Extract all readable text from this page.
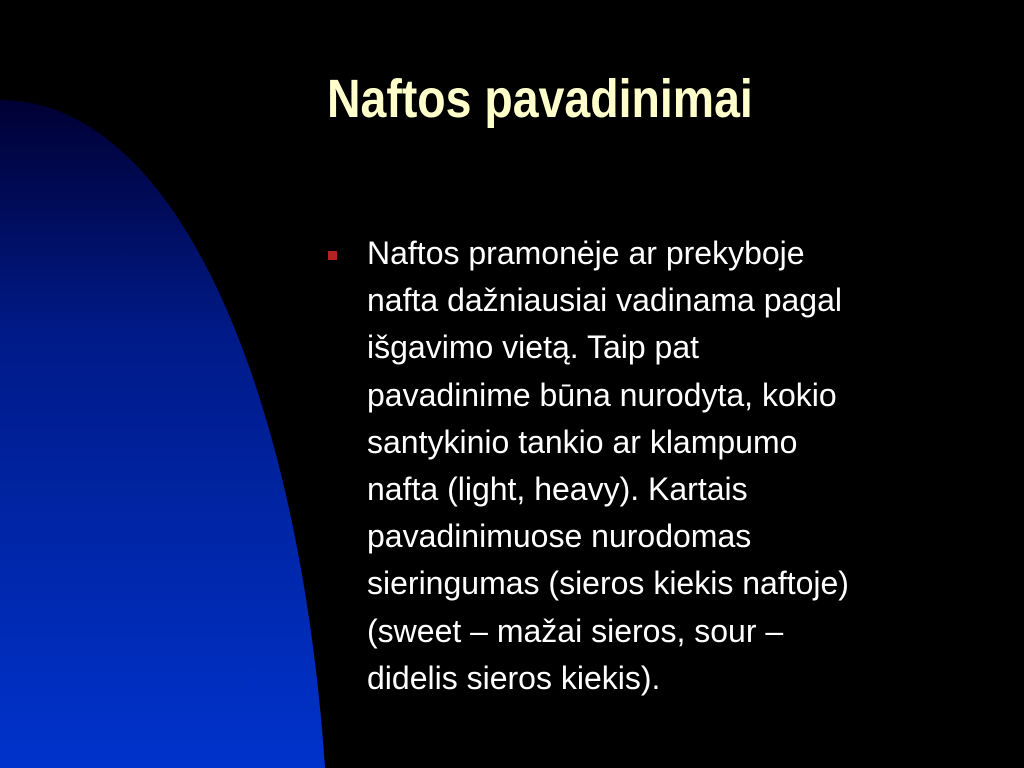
Naftos pavadinimai
Naftos pramonėje ar prekyboje
nafta dažniausiai vadinama pagal
išgavimo vietą. Taip pat
pavadinime būna nurodyta, kokio
santykinio tankio ar klampumo
nafta (light, heavy). Kartais
pavadinimuose nurodomas
sieringumas (sieros kiekis naftoje)
(sweet – mažai sieros, sour –
didelis sieros kiekis).
